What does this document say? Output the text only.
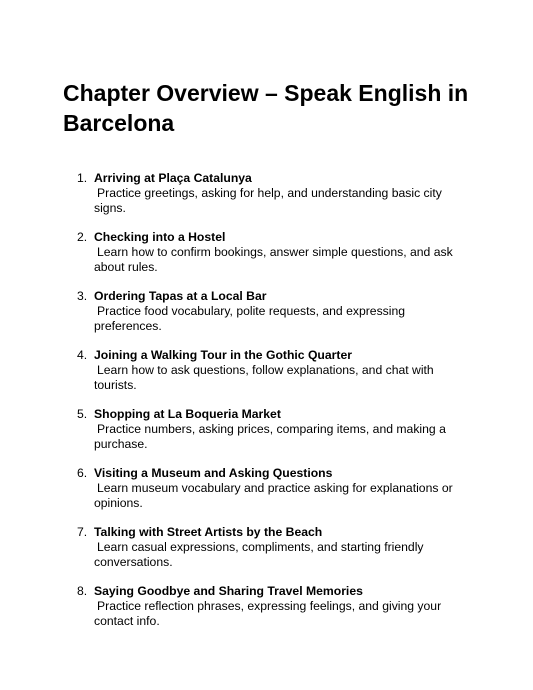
Chapter Overview – Speak English in Barcelona
1. Arriving at Plaça Catalunya
Practice greetings, asking for help, and understanding basic city signs.
2. Checking into a Hostel
Learn how to confirm bookings, answer simple questions, and ask about rules.
3. Ordering Tapas at a Local Bar
Practice food vocabulary, polite requests, and expressing preferences.
4. Joining a Walking Tour in the Gothic Quarter
Learn how to ask questions, follow explanations, and chat with tourists.
5. Shopping at La Boqueria Market
Practice numbers, asking prices, comparing items, and making a purchase.
6. Visiting a Museum and Asking Questions
Learn museum vocabulary and practice asking for explanations or opinions.
7. Talking with Street Artists by the Beach
Learn casual expressions, compliments, and starting friendly conversations.
8. Saying Goodbye and Sharing Travel Memories
Practice reflection phrases, expressing feelings, and giving your contact info.
